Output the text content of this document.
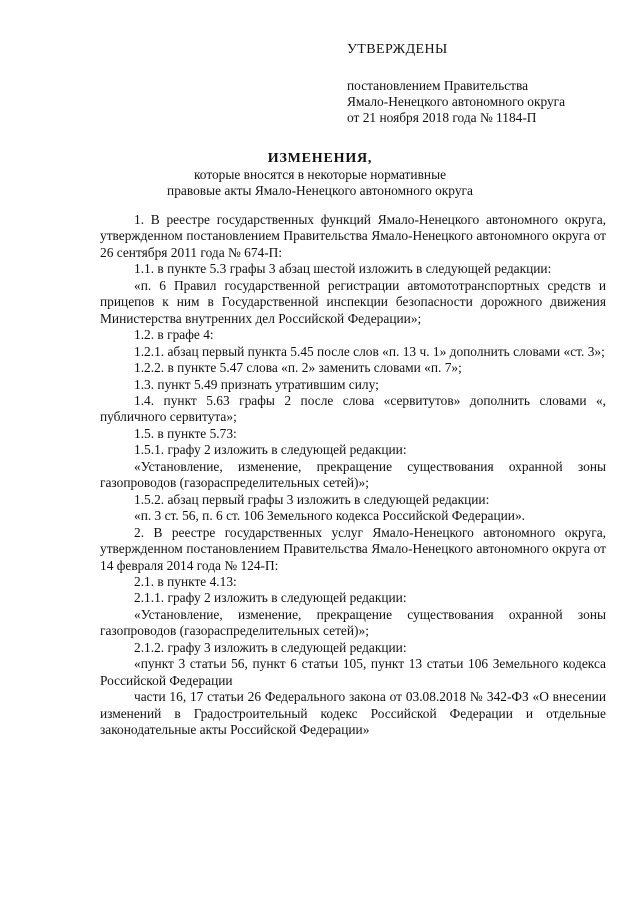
УТВЕРЖДЕНЫ
постановлением Правительства
Ямало-Ненецкого автономного округа
от 21 ноября 2018 года № 1184-П
ИЗМЕНЕНИЯ,
которые вносятся в некоторые нормативные
правовые акты Ямало-Ненецкого автономного округа

1. В реестре государственных функций Ямало-Ненецкого автономного округа, утвержденном постановлением Правительства Ямало-Ненецкого автономного округа от 26 сентября 2011 года № 674-П:

1.1. в пункте 5.3 графы 3 абзац шестой изложить в следующей редакции:

«п. 6 Правил государственной регистрации автомототранспортных средств и прицепов к ним в Государственной инспекции безопасности дорожного движения Министерства внутренних дел Российской Федерации»;

1.2. в графе 4:

1.2.1. абзац первый пункта 5.45 после слов «п. 13 ч. 1» дополнить словами «ст. 3»;

1.2.2. в пункте 5.47 слова «п. 2» заменить словами «п. 7»;

1.3. пункт 5.49 признать утратившим силу;

1.4. пункт 5.63 графы 2 после слова «сервитутов» дополнить словами «, публичного сервитута»;

1.5. в пункте 5.73:

1.5.1. графу 2 изложить в следующей редакции:

«Установление, изменение, прекращение существования охранной зоны газопроводов (газораспределительных сетей)»;

1.5.2. абзац первый графы 3 изложить в следующей редакции:

«п. 3 ст. 56, п. 6 ст. 106 Земельного кодекса Российской Федерации».

2. В реестре государственных услуг Ямало-Ненецкого автономного округа, утвержденном постановлением Правительства Ямало-Ненецкого автономного округа от 14 февраля 2014 года № 124-П:

2.1. в пункте 4.13:

2.1.1. графу 2 изложить в следующей редакции:

«Установление, изменение, прекращение существования охранной зоны газопроводов (газораспределительных сетей)»;

2.1.2. графу 3 изложить в следующей редакции:

«пункт 3 статьи 56, пункт 6 статьи 105, пункт 13 статьи 106 Земельного кодекса Российской Федерации

части 16, 17 статьи 26 Федерального закона от 03.08.2018 № 342-ФЗ «О внесении изменений в Градостроительный кодекс Российской Федерации и отдельные законодательные акты Российской Федерации»
